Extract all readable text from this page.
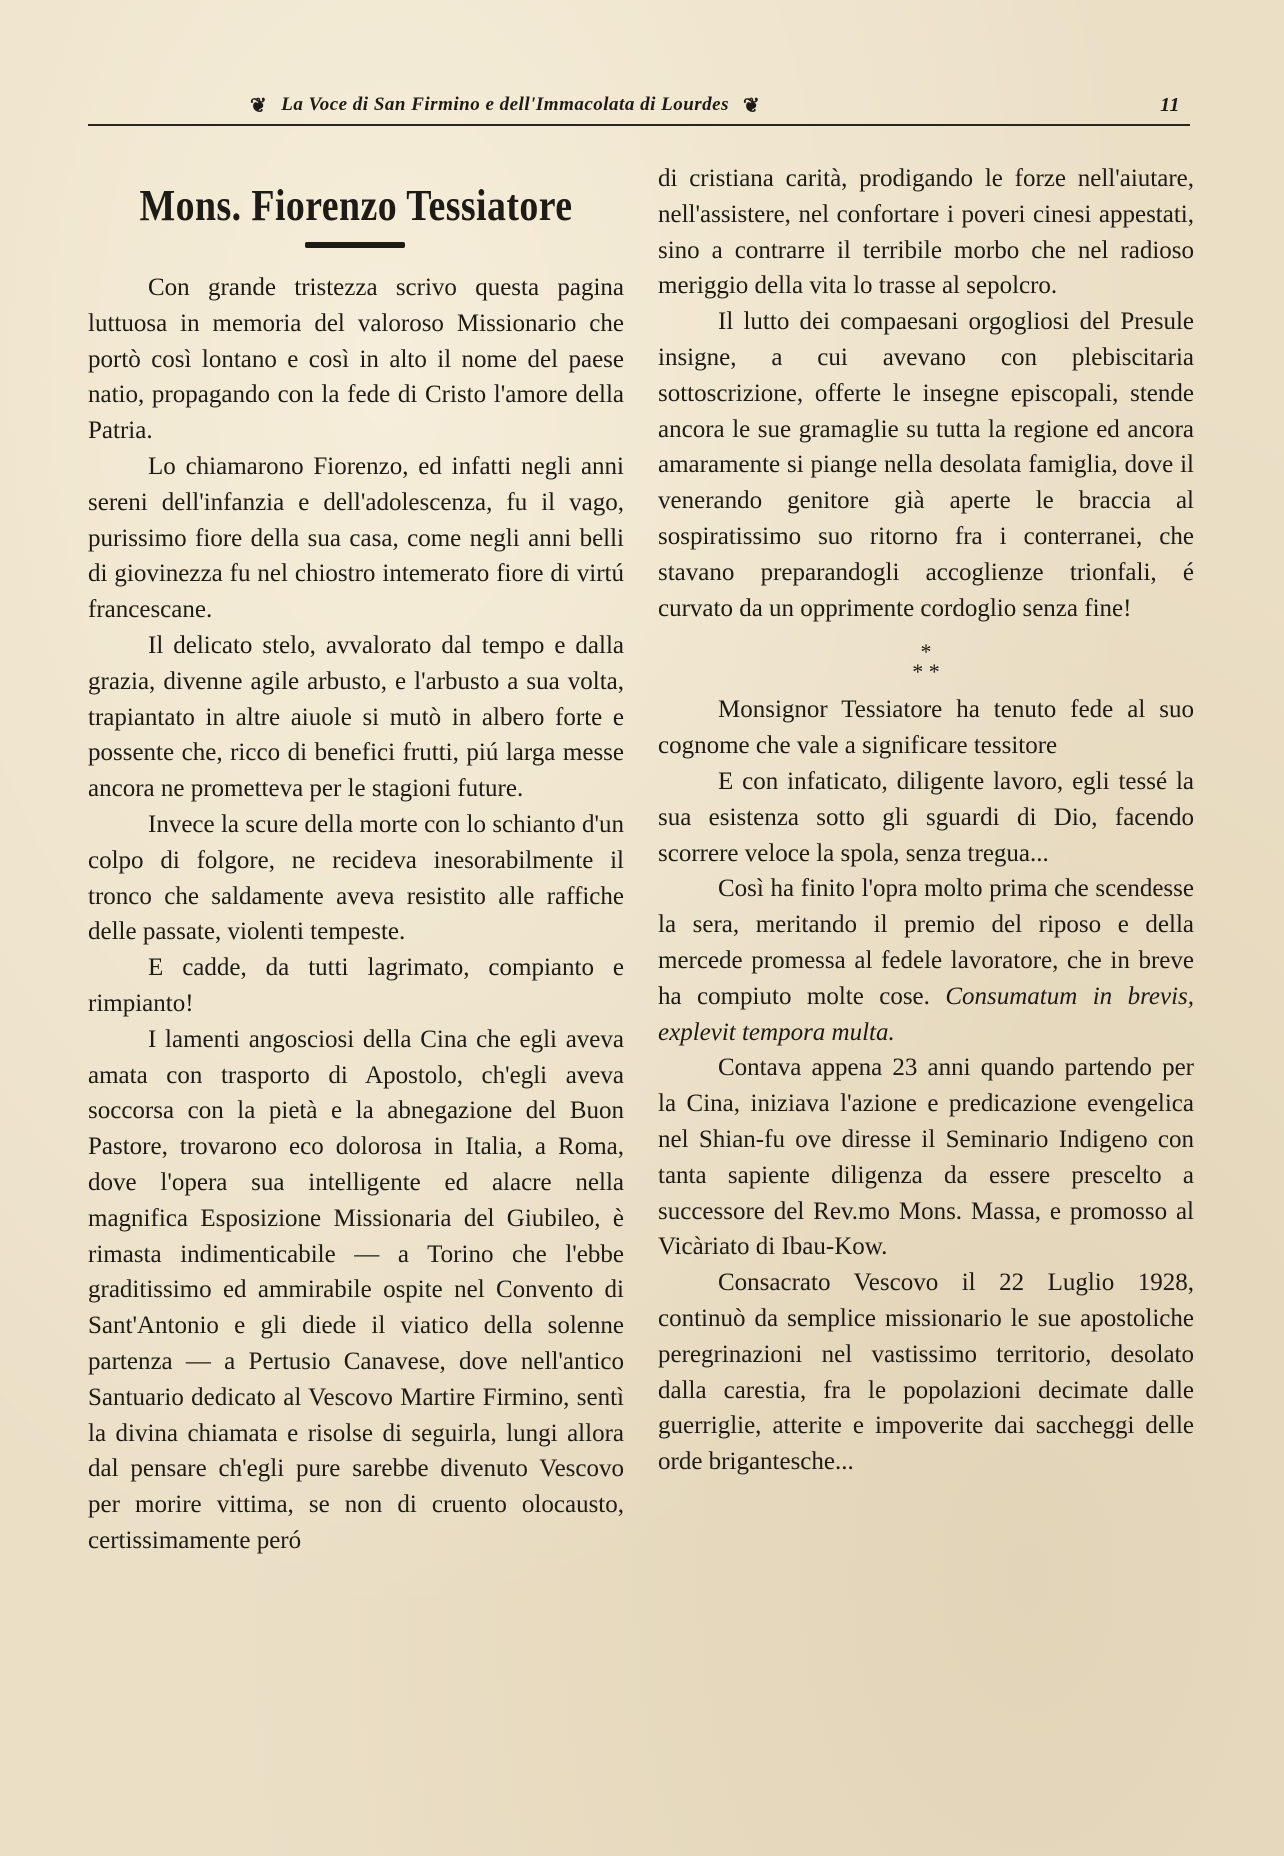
❦ La Voce di San Firmino e dell'Immacolata di Lourdes ❦	11
Mons. Fiorenzo Tessiatore

Con grande tristezza scrivo questa pagina luttuosa in memoria del valoroso Missionario che portò così lontano e così in alto il nome del paese natio, propagando con la fede di Cristo l'amore della Patria.

Lo chiamarono Fiorenzo, ed infatti negli anni sereni dell'infanzia e dell'adolescenza, fu il vago, purissimo fiore della sua casa, come negli anni belli di giovinezza fu nel chiostro intemerato fiore di virtú francescane.

Il delicato stelo, avvalorato dal tempo e dalla grazia, divenne agile arbusto, e l'arbusto a sua volta, trapiantato in altre aiuole si mutò in albero forte e possente che, ricco di benefici frutti, piú larga messe ancora ne prometteva per le stagioni future.

Invece la scure della morte con lo schianto d'un colpo di folgore, ne recideva inesorabilmente il tronco che saldamente aveva resistito alle raffiche delle passate, violenti tempeste.

E cadde, da tutti lagrimato, compianto e rimpianto!

I lamenti angosciosi della Cina che egli aveva amata con trasporto di Apostolo, ch'egli aveva soccorsa con la pietà e la abnegazione del Buon Pastore, trovarono eco dolorosa in Italia, a Roma, dove l'opera sua intelligente ed alacre nella magnifica Esposizione Missionaria del Giubileo, è rimasta indimenticabile — a Torino che l'ebbe graditissimo ed ammirabile ospite nel Convento di Sant'Antonio e gli diede il viatico della solenne partenza — a Pertusio Canavese, dove nell'antico Santuario dedicato al Vescovo Martire Firmino, sentì la divina chiamata e risolse di seguirla, lungi allora dal pensare ch'egli pure sarebbe divenuto Vescovo per morire vittima, se non di cruento olocausto, certissimamente peró

di cristiana carità, prodigando le forze nell'aiutare, nell'assistere, nel confortare i poveri cinesi appestati, sino a contrarre il terribile morbo che nel radioso meriggio della vita lo trasse al sepolcro.

Il lutto dei compaesani orgogliosi del Presule insigne, a cui avevano con plebiscitaria sottoscrizione, offerte le insegne episcopali, stende ancora le sue gramaglie su tutta la regione ed ancora amaramente si piange nella desolata famiglia, dove il venerando genitore già aperte le braccia al sospiratissimo suo ritorno fra i conterranei, che stavano preparandogli accoglienze trionfali, é curvato da un opprimente cordoglio senza fine!

*
* *

Monsignor Tessiatore ha tenuto fede al suo cognome che vale a significare tessitore

E con infaticato, diligente lavoro, egli tessé la sua esistenza sotto gli sguardi di Dio, facendo scorrere veloce la spola, senza tregua...

Così ha finito l'opra molto prima che scendesse la sera, meritando il premio del riposo e della mercede promessa al fedele lavoratore, che in breve ha compiuto molte cose. Consumatum in brevis, explevit tempora multa.

Contava appena 23 anni quando partendo per la Cina, iniziava l'azione e predicazione evengelica nel Shian-fu ove diresse il Seminario Indigeno con tanta sapiente diligenza da essere prescelto a successore del Rev.mo Mons. Massa, e promosso al Vicàriato di Ibau-Kow.

Consacrato Vescovo il 22 Luglio 1928, continuò da semplice missionario le sue apostoliche peregrinazioni nel vastissimo territorio, desolato dalla carestia, fra le popolazioni decimate dalle guerriglie, atterite e impoverite dai saccheggi delle orde brigantesche...
